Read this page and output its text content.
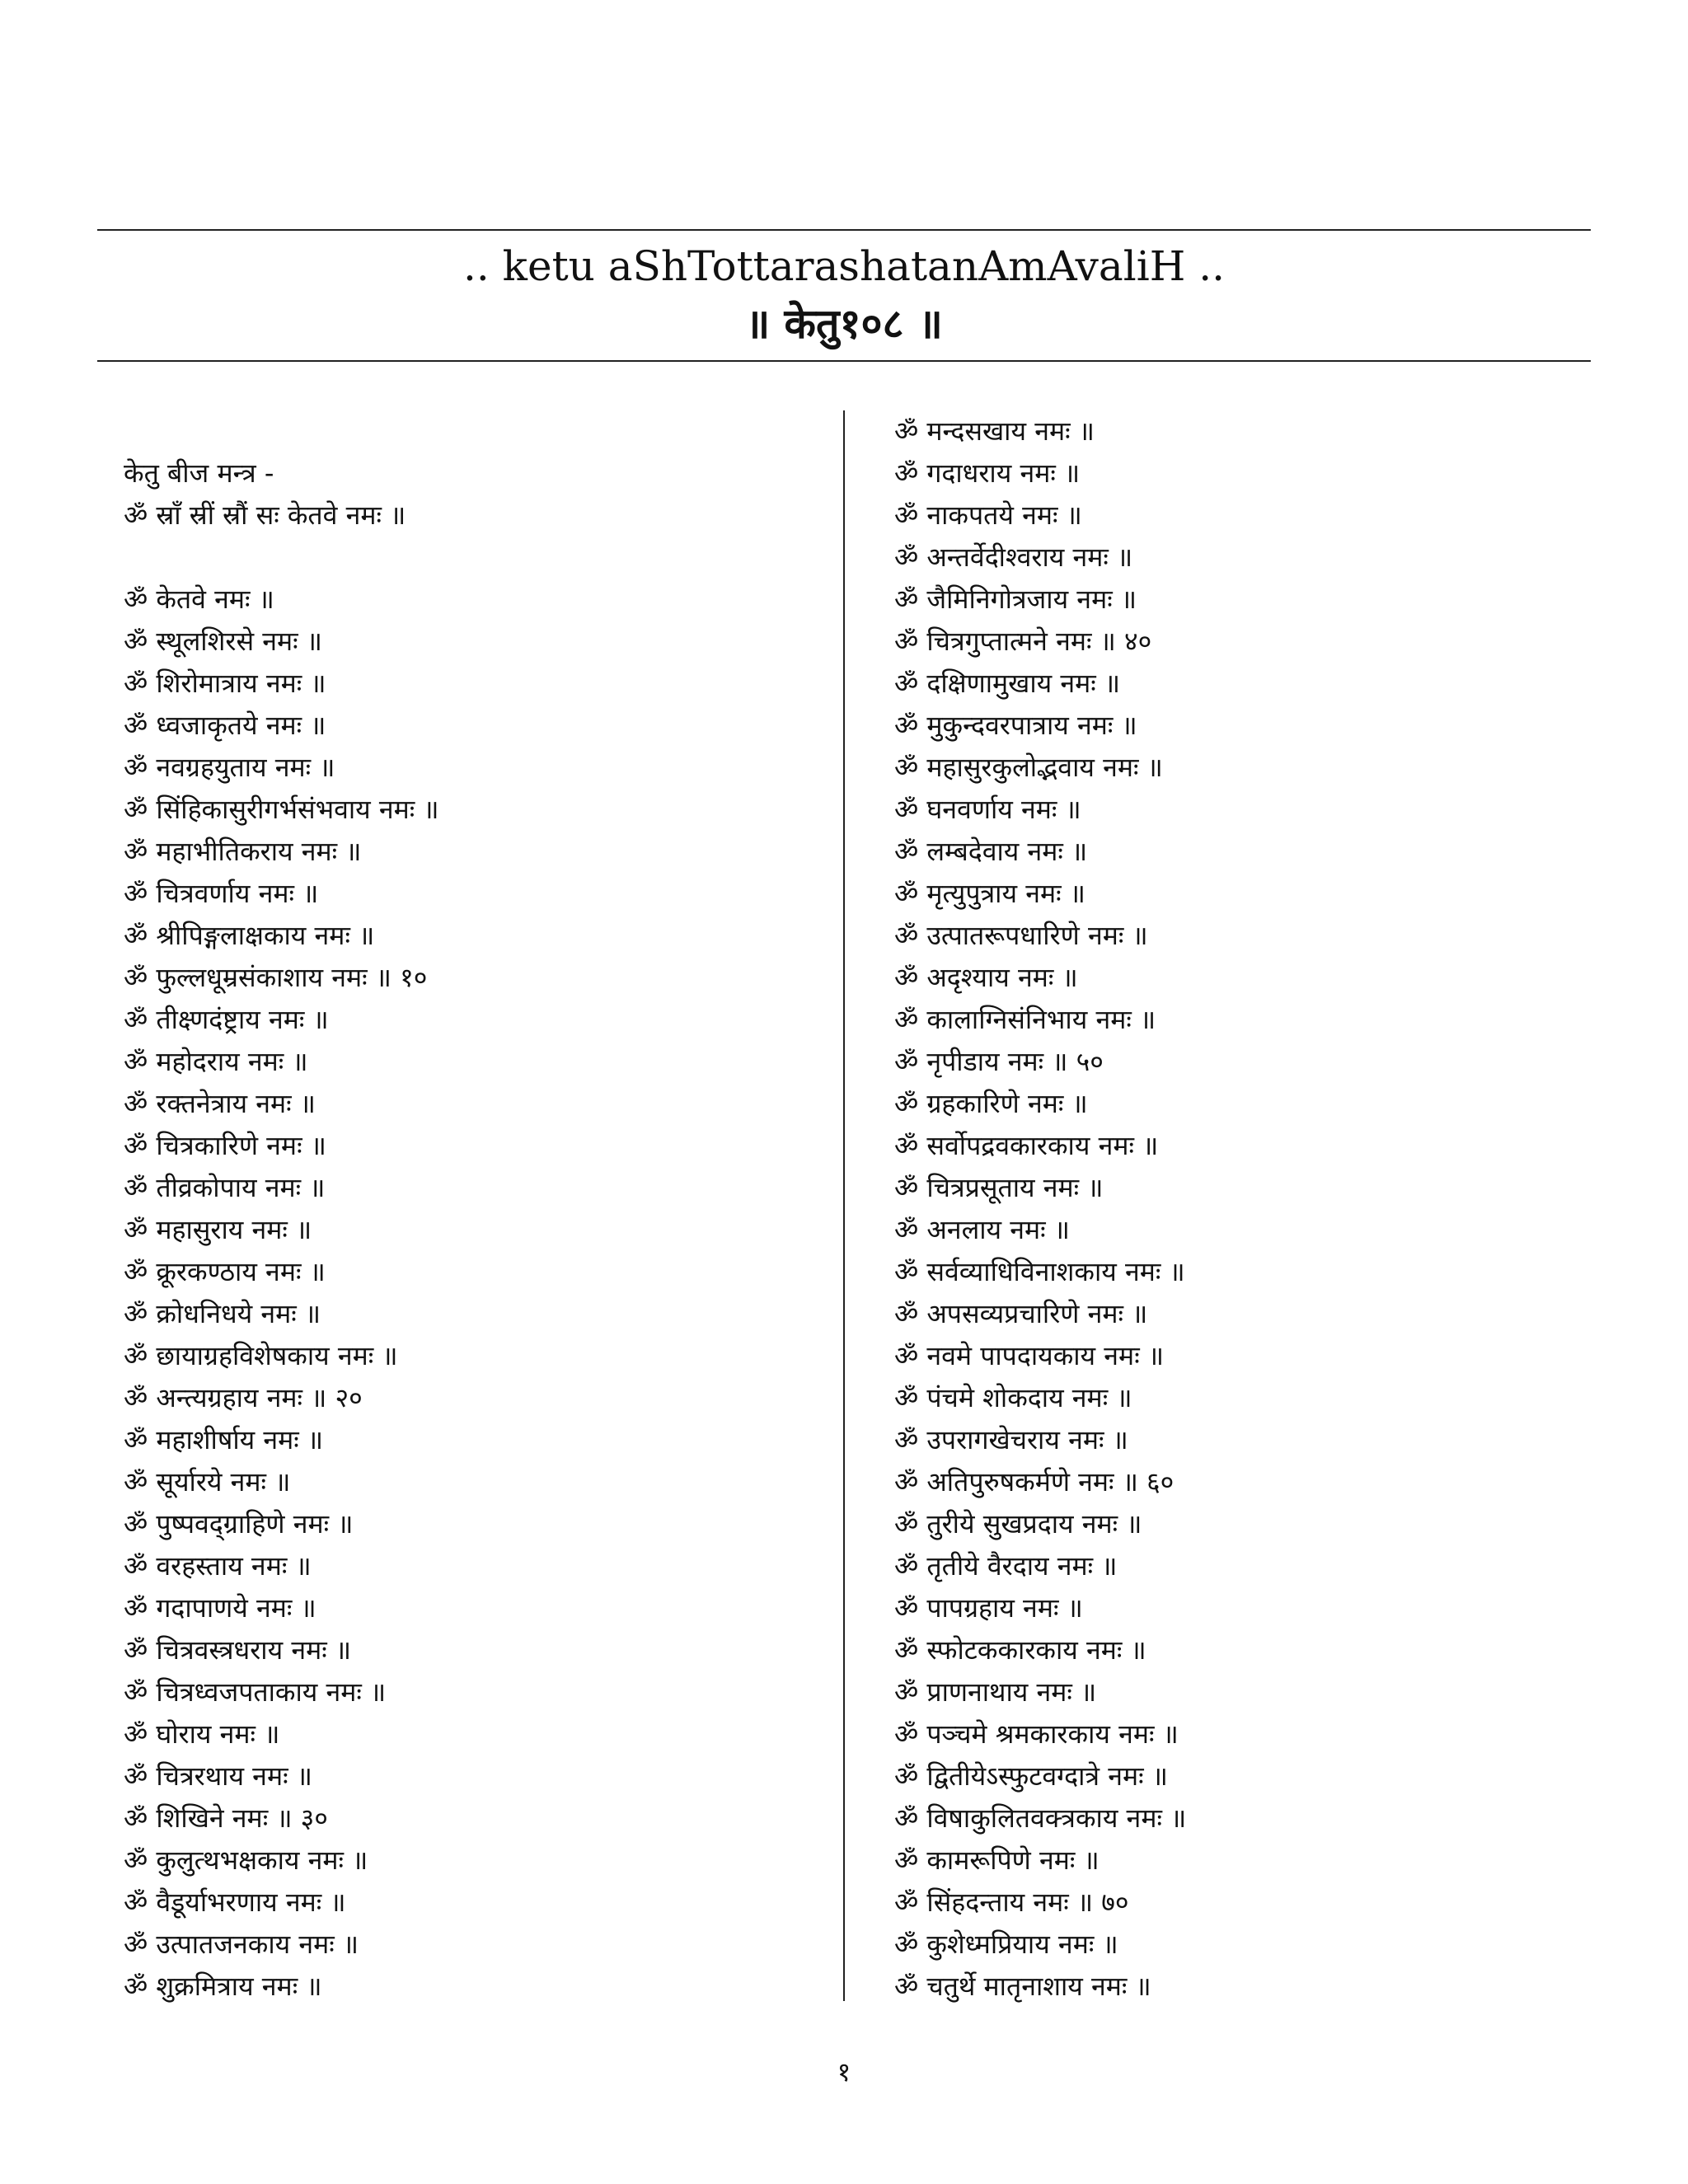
.. ketu aShTottarashatanAmAvaliH ..
॥ केतु१०८ ॥
केतु बीज मन्त्र -
ॐ स्राँ स्रीं स्रौं सः केतवे नमः ॥
ॐ केतवे नमः ॥
ॐ स्थूलशिरसे नमः ॥
ॐ शिरोमात्राय नमः ॥
ॐ ध्वजाकृतये नमः ॥
ॐ नवग्रहयुताय नमः ॥
ॐ सिंहिकासुरीगर्भसंभवाय नमः ॥
ॐ महाभीतिकराय नमः ॥
ॐ चित्रवर्णाय नमः ॥
ॐ श्रीपिङ्गलाक्षकाय नमः ॥
ॐ फुल्लधूम्रसंकाशाय नमः ॥ १०
ॐ तीक्ष्णदंष्ट्राय नमः ॥
ॐ महोदराय नमः ॥
ॐ रक्तनेत्राय नमः ॥
ॐ चित्रकारिणे नमः ॥
ॐ तीव्रकोपाय नमः ॥
ॐ महासुराय नमः ॥
ॐ क्रूरकण्ठाय नमः ॥
ॐ क्रोधनिधये नमः ॥
ॐ छायाग्रहविशेषकाय नमः ॥
ॐ अन्त्यग्रहाय नमः ॥ २०
ॐ महाशीर्षाय नमः ॥
ॐ सूर्यारये नमः ॥
ॐ पुष्पवद्ग्राहिणे नमः ॥
ॐ वरहस्ताय नमः ॥
ॐ गदापाणये नमः ॥
ॐ चित्रवस्त्रधराय नमः ॥
ॐ चित्रध्वजपताकाय नमः ॥
ॐ घोराय नमः ॥
ॐ चित्ररथाय नमः ॥
ॐ शिखिने नमः ॥ ३०
ॐ कुलुत्थभक्षकाय नमः ॥
ॐ वैडूर्याभरणाय नमः ॥
ॐ उत्पातजनकाय नमः ॥
ॐ शुक्रमित्राय नमः ॥
ॐ मन्दसखाय नमः ॥
ॐ गदाधराय नमः ॥
ॐ नाकपतये नमः ॥
ॐ अन्तर्वेदीश्वराय नमः ॥
ॐ जैमिनिगोत्रजाय नमः ॥
ॐ चित्रगुप्तात्मने नमः ॥ ४०
ॐ दक्षिणामुखाय नमः ॥
ॐ मुकुन्दवरपात्राय नमः ॥
ॐ महासुरकुलोद्भवाय नमः ॥
ॐ घनवर्णाय नमः ॥
ॐ लम्बदेवाय नमः ॥
ॐ मृत्युपुत्राय नमः ॥
ॐ उत्पातरूपधारिणे नमः ॥
ॐ अदृश्याय नमः ॥
ॐ कालाग्निसंनिभाय नमः ॥
ॐ नृपीडाय नमः ॥ ५०
ॐ ग्रहकारिणे नमः ॥
ॐ सर्वोपद्रवकारकाय नमः ॥
ॐ चित्रप्रसूताय नमः ॥
ॐ अनलाय नमः ॥
ॐ सर्वव्याधिविनाशकाय नमः ॥
ॐ अपसव्यप्रचारिणे नमः ॥
ॐ नवमे पापदायकाय नमः ॥
ॐ पंचमे शोकदाय नमः ॥
ॐ उपरागखेचराय नमः ॥
ॐ अतिपुरुषकर्मणे नमः ॥ ६०
ॐ तुरीये सुखप्रदाय नमः ॥
ॐ तृतीये वैरदाय नमः ॥
ॐ पापग्रहाय नमः ॥
ॐ स्फोटककारकाय नमः ॥
ॐ प्राणनाथाय नमः ॥
ॐ पञ्चमे श्रमकारकाय नमः ॥
ॐ द्वितीयेऽस्फुटवग्दात्रे नमः ॥
ॐ विषाकुलितवक्त्रकाय नमः ॥
ॐ कामरूपिणे नमः ॥
ॐ सिंहदन्ताय नमः ॥ ७०
ॐ कुशेध्मप्रियाय नमः ॥
ॐ चतुर्थे मातृनाशाय नमः ॥
१
